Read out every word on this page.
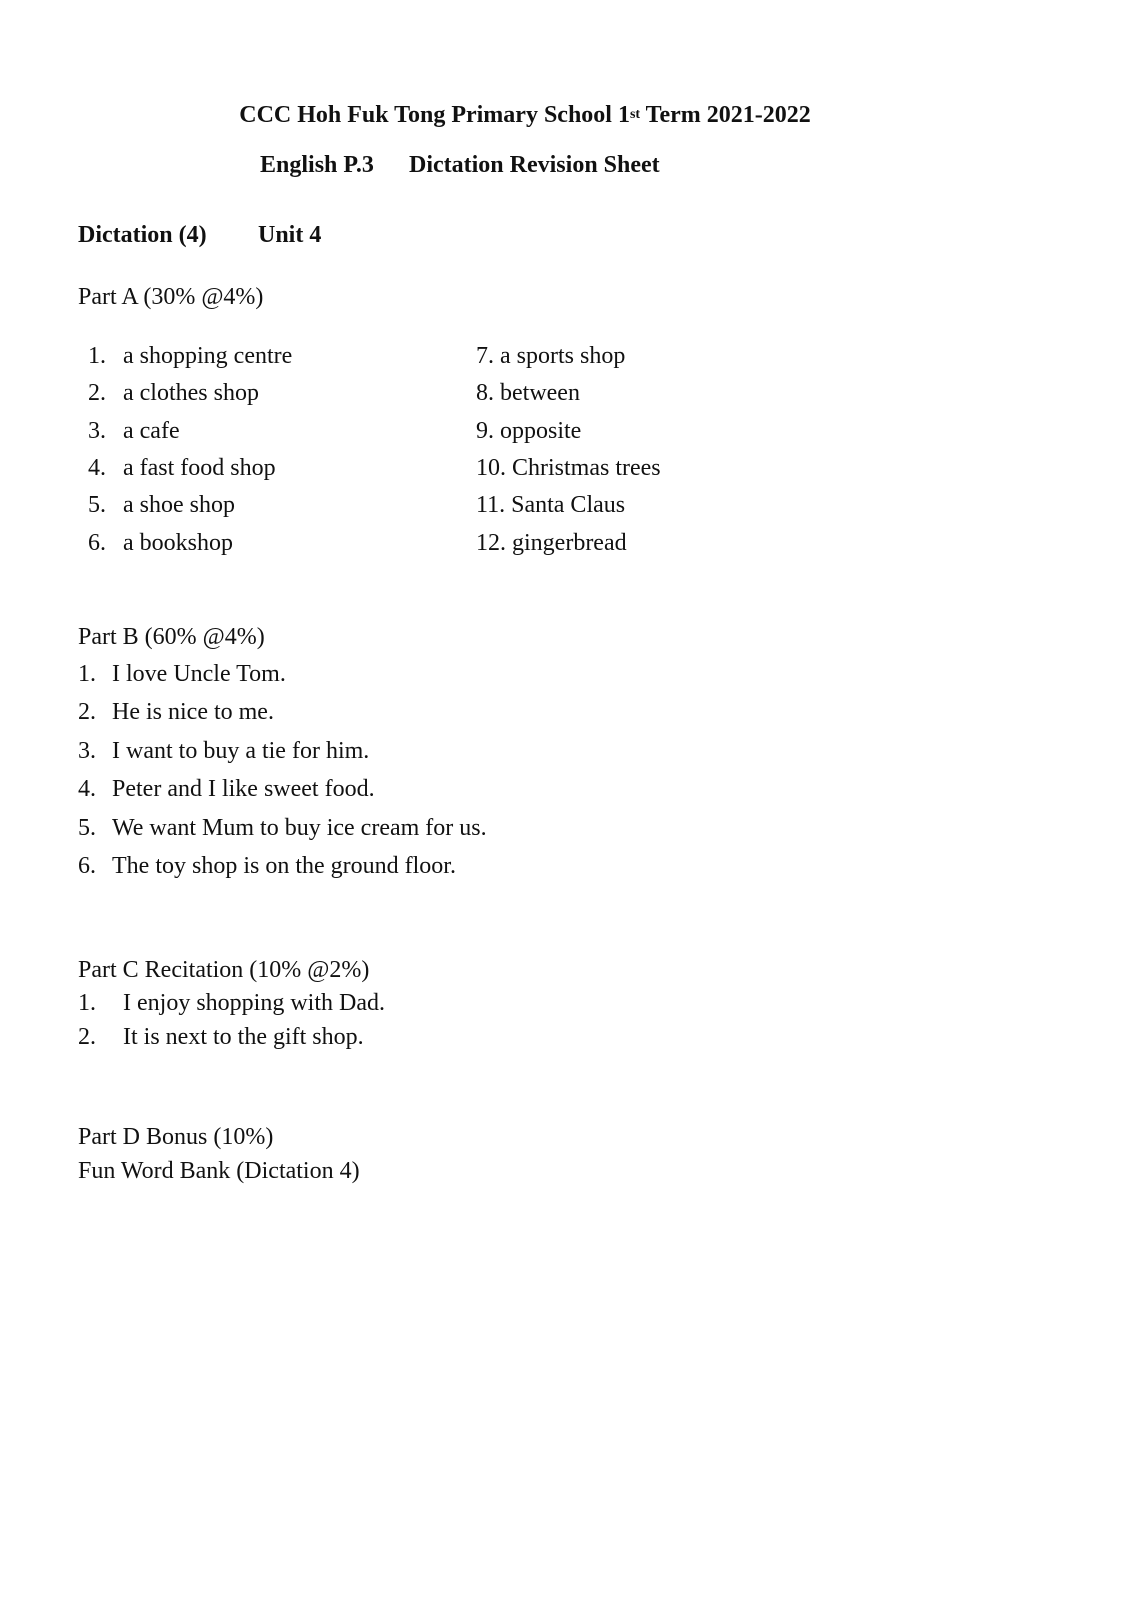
CCC Hoh Fuk Tong Primary School 1st Term 2021-2022
English P.3 Dictation Revision Sheet
Dictation (4) Unit 4
Part A (30% @4%)
1. a shopping centre
2. a clothes shop
3. a cafe
4. a fast food shop
5. a shoe shop
6. a bookshop
7. a sports shop
8. between
9. opposite
10. Christmas trees
11. Santa Claus
12. gingerbread
Part B (60% @4%)
1. I love Uncle Tom.
2. He is nice to me.
3. I want to buy a tie for him.
4. Peter and I like sweet food.
5. We want Mum to buy ice cream for us.
6. The toy shop is on the ground floor.
Part C Recitation (10% @2%)
1. I enjoy shopping with Dad.
2. It is next to the gift shop.
Part D Bonus (10%)
Fun Word Bank (Dictation 4)
